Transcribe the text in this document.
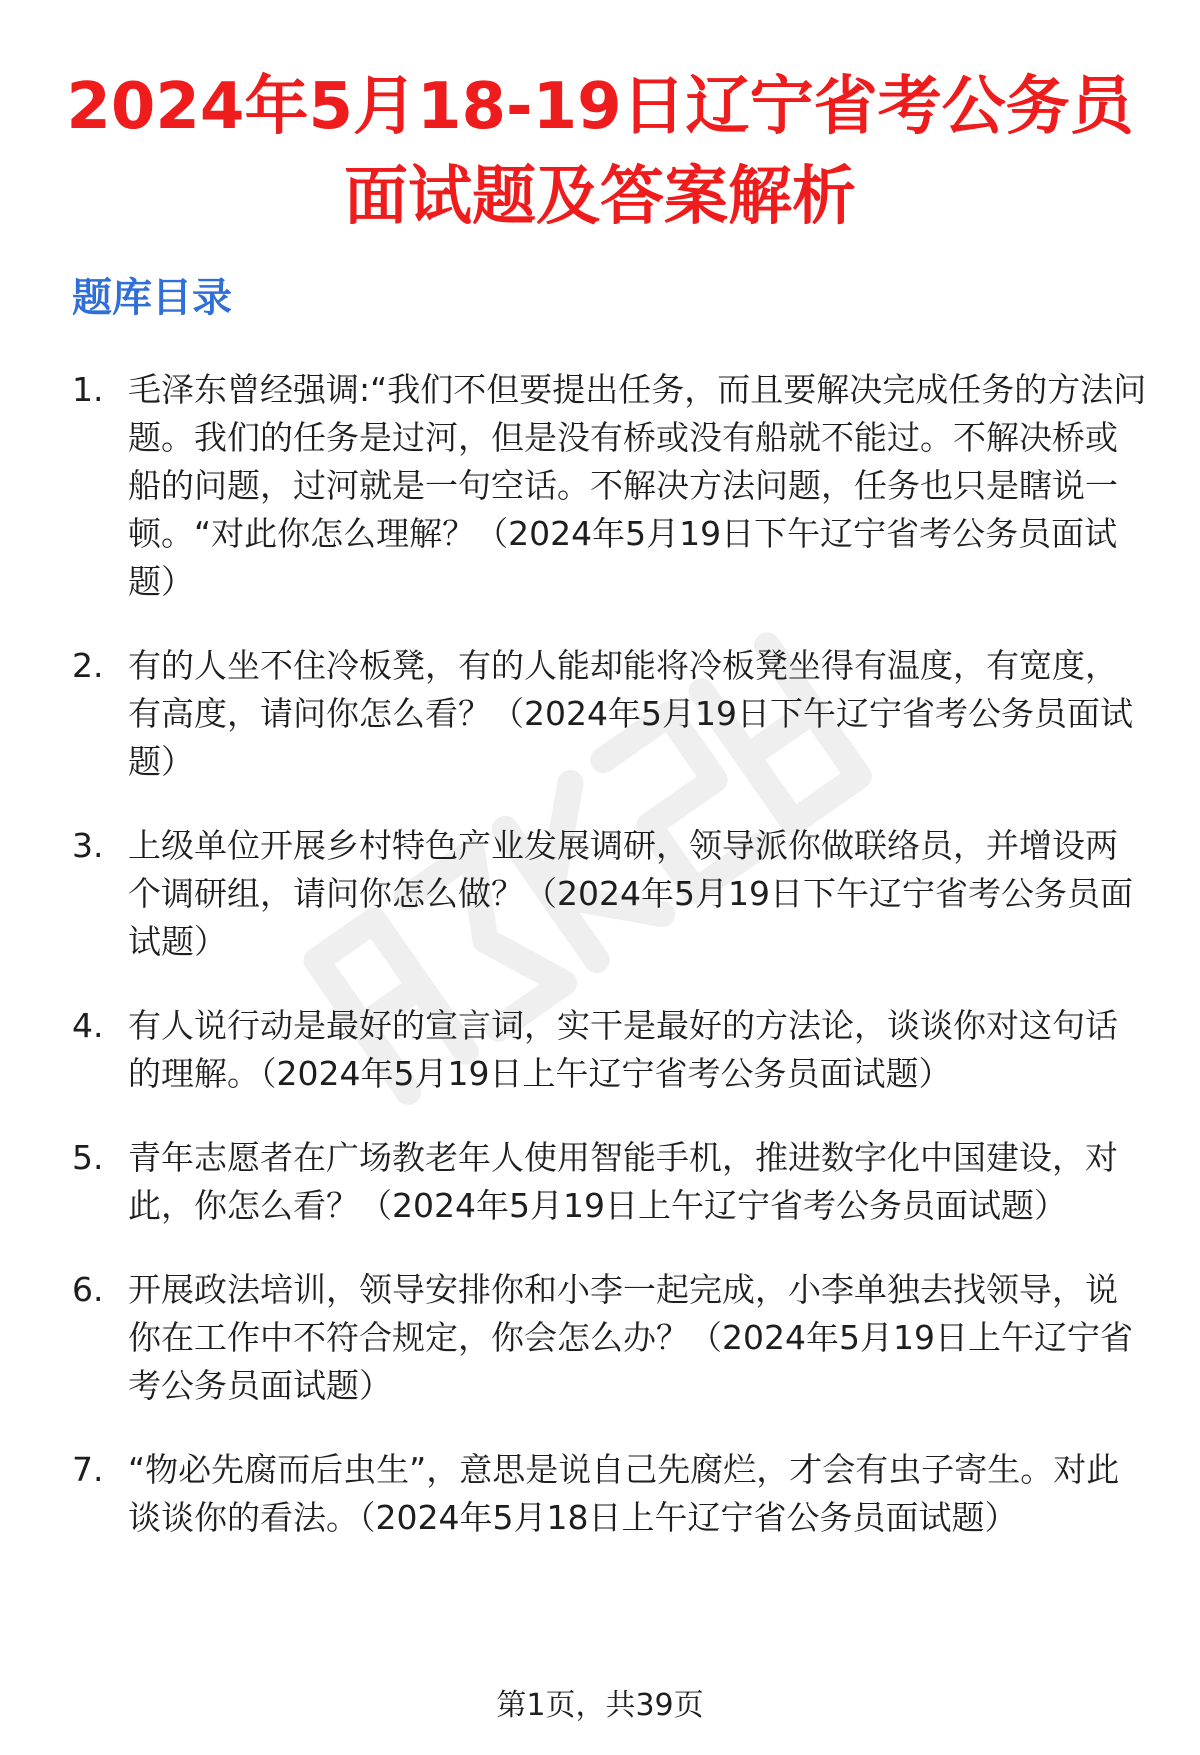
2024年5月18-19日辽宁省考公务员面试题及答案解析
题库目录
1. 毛泽东曾经强调:“我们不但要提出任务，而且要解决完成任务的方法问题。我们的任务是过河，但是没有桥或没有船就不能过。不解决桥或船的问题，过河就是一句空话。不解决方法问题，任务也只是瞎说一顿。“对此你怎么理解？（2024年5月19日下午辽宁省考公务员面试题）
2. 有的人坐不住冷板凳，有的人能却能将冷板凳坐得有温度，有宽度，有高度，请问你怎么看？（2024年5月19日下午辽宁省考公务员面试题）
3. 上级单位开展乡村特色产业发展调研，领导派你做联络员，并增设两个调研组，请问你怎么做？（2024年5月19日下午辽宁省考公务员面试题）
4. 有人说行动是最好的宣言词，实干是最好的方法论，谈谈你对这句话的理解。（2024年5月19日上午辽宁省考公务员面试题）
5. 青年志愿者在广场教老年人使用智能手机，推进数字化中国建设，对此，你怎么看？（2024年5月19日上午辽宁省考公务员面试题）
6. 开展政法培训，领导安排你和小李一起完成，小李单独去找领导，说你在工作中不符合规定，你会怎么办？（2024年5月19日上午辽宁省考公务员面试题）
7. “物必先腐而后虫生”，意思是说自己先腐烂，才会有虫子寄生。对此谈谈你的看法。（2024年5月18日上午辽宁省公务员面试题）
第1页，共39页
